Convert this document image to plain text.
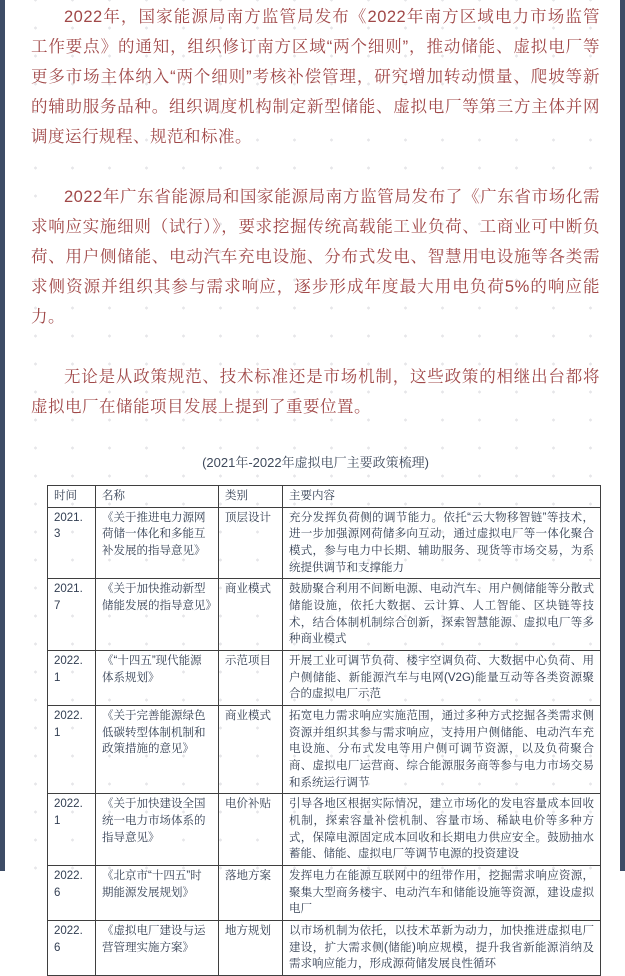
2022年，国家能源局南方监管局发布《2022年南方区域电力市场监管工作要点》的通知，组织修订南方区域“两个细则”，推动储能、虚拟电厂等更多市场主体纳入“两个细则”考核补偿管理，研究增加转动惯量、爬坡等新的辅助服务品种。组织调度机构制定新型储能、虚拟电厂等第三方主体并网调度运行规程、规范和标准。

2022年广东省能源局和国家能源局南方监管局发布了《广东省市场化需求响应实施细则（试行）》，要求挖掘传统高载能工业负荷、工商业可中断负荷、用户侧储能、电动汽车充电设施、分布式发电、智慧用电设施等各类需求侧资源并组织其参与需求响应，逐步形成年度最大用电负荷5%的响应能力。

无论是从政策规范、技术标准还是市场机制，这些政策的相继出台都将虚拟电厂在储能项目发展上提到了重要位置。

(2021年-2022年虚拟电厂主要政策梳理)
时间	名称	类别	主要内容
2021.3	《关于推进电力源网荷储一体化和多能互补发展的指导意见》	顶层设计	充分发挥负荷侧的调节能力。依托“云大物移智链”等技术，进一步加强源网荷储多向互动，通过虚拟电厂等一体化聚合模式，参与电力中长期、辅助服务、现货等市场交易，为系统提供调节和支撑能力
2021.7	《关于加快推动新型储能发展的指导意见》	商业模式	鼓励聚合利用不间断电源、电动汽车、用户侧储能等分散式储能设施，依托大数据、云计算、人工智能、区块链等技术，结合体制机制综合创新，探索智慧能源、虚拟电厂等多种商业模式
2022.1	《“十四五”现代能源体系规划》	示范项目	开展工业可调节负荷、楼宇空调负荷、大数据中心负荷、用户侧储能、新能源汽车与电网(V2G)能量互动等各类资源聚合的虚拟电厂示范
2022.1	《关于完善能源绿色低碳转型体制机制和政策措施的意见》	商业模式	拓宽电力需求响应实施范围，通过多种方式挖掘各类需求侧资源并组织其参与需求响应，支持用户侧储能、电动汽车充电设施、分布式发电等用户侧可调节资源，以及负荷聚合商、虚拟电厂运营商、综合能源服务商等参与电力市场交易和系统运行调节
2022.1	《关于加快建设全国统一电力市场体系的指导意见》	电价补贴	引导各地区根据实际情况，建立市场化的发电容量成本回收机制，探索容量补偿机制、容量市场、稀缺电价等多种方式，保障电源固定成本回收和长期电力供应安全。鼓励抽水蓄能、储能、虚拟电厂等调节电源的投资建设
2022.6	《北京市“十四五”时期能源发展规划》	落地方案	发挥电力在能源互联网中的纽带作用，挖掘需求响应资源，聚集大型商务楼宇、电动汽车和储能设施等资源，建设虚拟电厂
2022.6	《虚拟电厂建设与运营管理实施方案》	地方规划	以市场机制为依托，以技术革新为动力，加快推进虚拟电厂建设，扩大需求侧(储能)响应规模，提升我省新能源消纳及需求响应能力，形成源荷储发展良性循环
